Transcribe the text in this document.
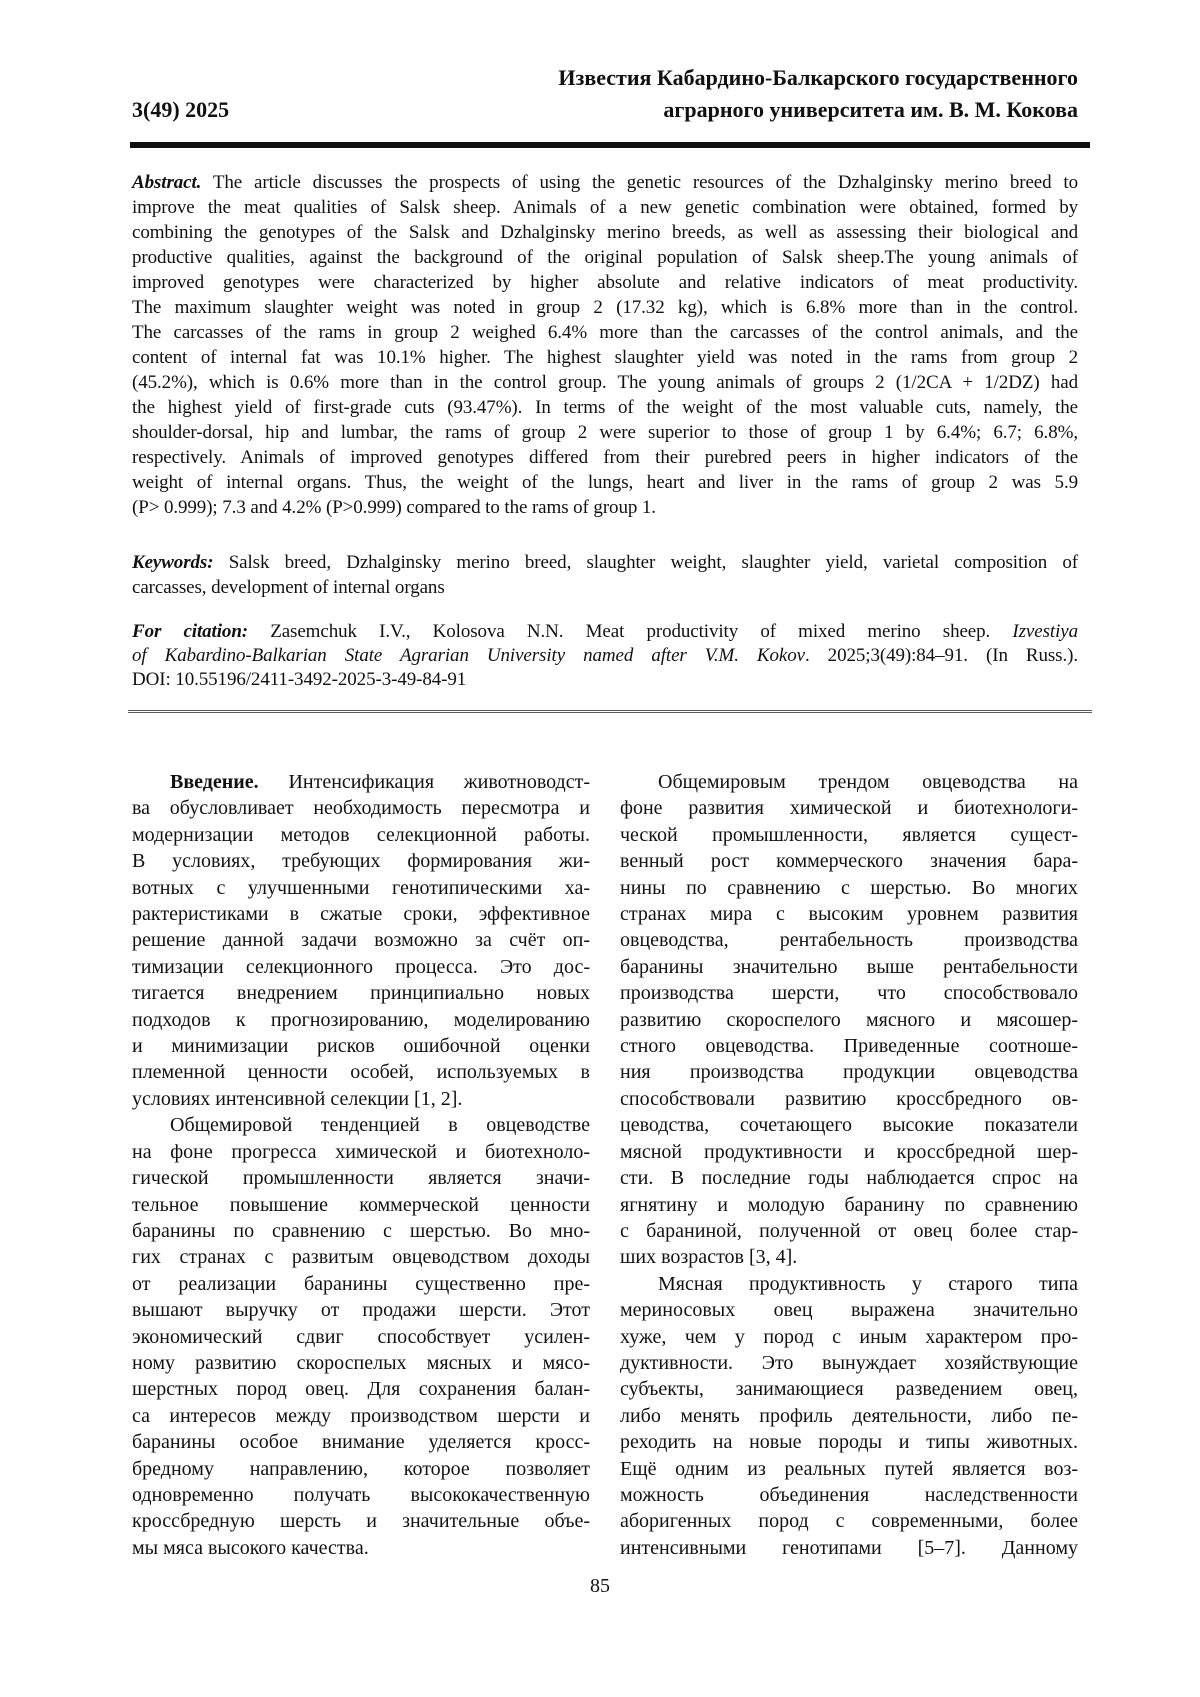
Известия Кабардино-Балкарского государственного
3(49) 2025	аграрного университета им. В. М. Кокова
Abstract. The article discusses the prospects of using the genetic resources of the Dzhalginsky merino breed to
improve the meat qualities of Salsk sheep. Animals of a new genetic combination were obtained, formed by
combining the genotypes of the Salsk and Dzhalginsky merino breeds, as well as assessing their biological and
productive qualities, against the background of the original population of Salsk sheep.The young animals of
improved genotypes were characterized by higher absolute and relative indicators of meat productivity.
The maximum slaughter weight was noted in group 2 (17.32 kg), which is 6.8% more than in the control.
The carcasses of the rams in group 2 weighed 6.4% more than the carcasses of the control animals, and the
content of internal fat was 10.1% higher. The highest slaughter yield was noted in the rams from group 2
(45.2%), which is 0.6% more than in the control group. The young animals of groups 2 (1/2CA + 1/2DZ) had
the highest yield of first-grade cuts (93.47%). In terms of the weight of the most valuable cuts, namely, the
shoulder-dorsal, hip and lumbar, the rams of group 2 were superior to those of group 1 by 6.4%; 6.7; 6.8%,
respectively. Animals of improved genotypes differed from their purebred peers in higher indicators of the
weight of internal organs. Thus, the weight of the lungs, heart and liver in the rams of group 2 was 5.9
(P> 0.999); 7.3 and 4.2% (P>0.999) compared to the rams of group 1.
Keywords: Salsk breed, Dzhalginsky merino breed, slaughter weight, slaughter yield, varietal composition of
carcasses, development of internal organs
For citation: Zasemchuk I.V., Kolosova N.N. Meat productivity of mixed merino sheep. Izvestiya
of Kabardino-Balkarian State Agrarian University named after V.M. Kokov. 2025;3(49):84–91. (In Russ.).
DOI: 10.55196/2411-3492-2025-3-49-84-91
Введение. Интенсификация животноводст-
ва обусловливает необходимость пересмотра и
модернизации методов селекционной работы.
В условиях, требующих формирования жи-
вотных с улучшенными генотипическими ха-
рактеристиками в сжатые сроки, эффективное
решение данной задачи возможно за счёт оп-
тимизации селекционного процесса. Это дос-
тигается внедрением принципиально новых
подходов к прогнозированию, моделированию
и минимизации рисков ошибочной оценки
племенной ценности особей, используемых в
условиях интенсивной селекции [1, 2].
Общемировой тенденцией в овцеводстве
на фоне прогресса химической и биотехноло-
гической промышленности является значи-
тельное повышение коммерческой ценности
баранины по сравнению с шерстью. Во мно-
гих странах с развитым овцеводством доходы
от реализации баранины существенно пре-
вышают выручку от продажи шерсти. Этот
экономический сдвиг способствует усилен-
ному развитию скороспелых мясных и мясо-
шерстных пород овец. Для сохранения балан-
са интересов между производством шерсти и
баранины особое внимание уделяется кросс-
бредному направлению, которое позволяет
одновременно получать высококачественную
кроссбредную шерсть и значительные объе-
мы мяса высокого качества.
Общемировым трендом овцеводства на
фоне развития химической и биотехнологи-
ческой промышленности, является сущест-
венный рост коммерческого значения бара-
нины по сравнению с шерстью. Во многих
странах мира с высоким уровнем развития
овцеводства, рентабельность производства
баранины значительно выше рентабельности
производства шерсти, что способствовало
развитию скороспелого мясного и мясошер-
стного овцеводства. Приведенные соотноше-
ния производства продукции овцеводства
способствовали развитию кроссбредного ов-
цеводства, сочетающего высокие показатели
мясной продуктивности и кроссбредной шер-
сти. В последние годы наблюдается спрос на
ягнятину и молодую баранину по сравнению
с бараниной, полученной от овец более стар-
ших возрастов [3, 4].
Мясная продуктивность у старого типа
мериносовых овец выражена значительно
хуже, чем у пород с иным характером про-
дуктивности. Это вынуждает хозяйствующие
субъекты, занимающиеся разведением овец,
либо менять профиль деятельности, либо пе-
реходить на новые породы и типы животных.
Ещё одним из реальных путей является воз-
можность объединения наследственности
аборигенных пород с современными, более
интенсивными генотипами [5–7]. Данному
85
